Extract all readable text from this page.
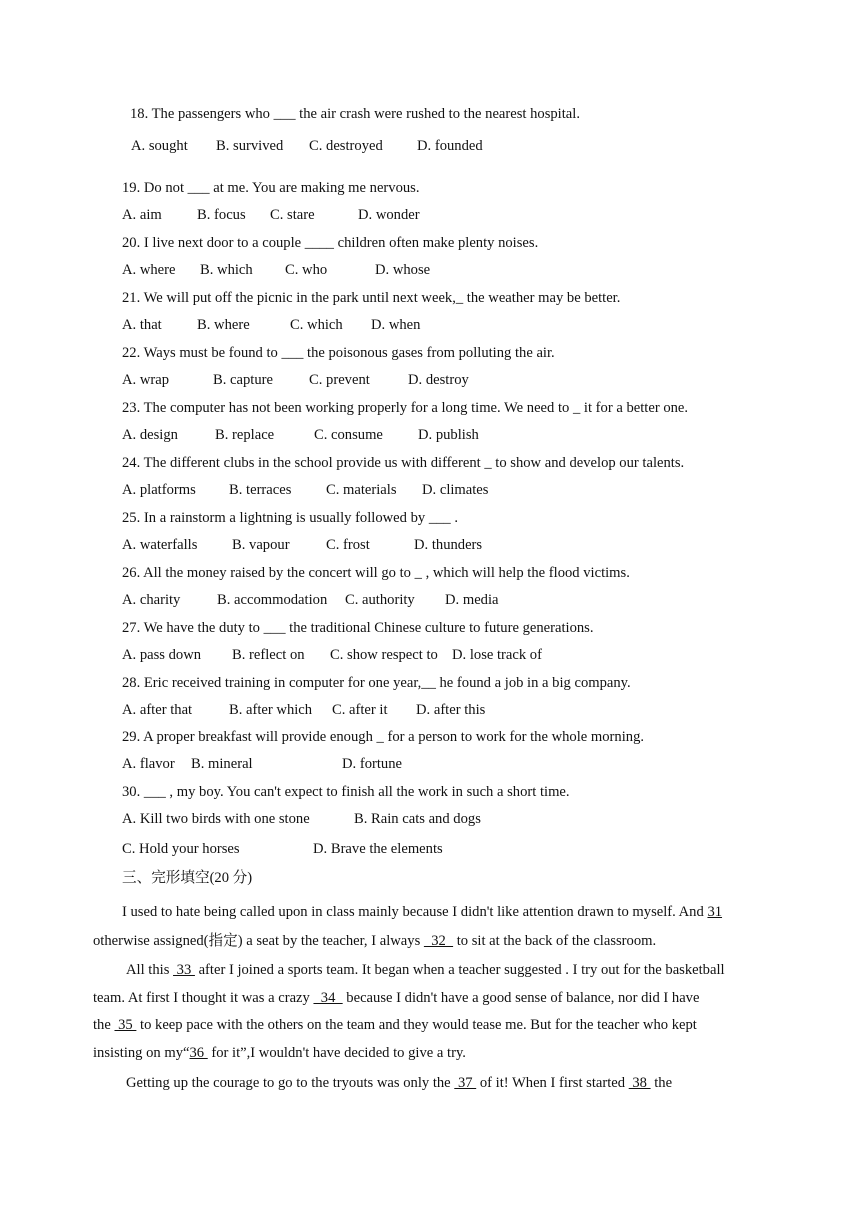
18. The passengers who ___ the air crash were rushed to the nearest hospital.
A. sought B. survived C. destroyed D. founded
19. Do not ___ at me. You are making me nervous.
A. aim B. focus C. stare	D. wonder
20. I live next door to a couple ____ children often make plenty noises.
A. where B. which C. who	D. whose
21. We will put off the picnic in the park until next week,_ the weather may be better.
A. that B. where	C. which D. when
22. Ways must be found to ___ the poisonous gases from polluting the air.
A. wrap	B. capture C. prevent	D. destroy
23. The computer has not been working properly for a long time. We need to _ it for a better one.
A. design	B. replace	C. consume D. publish
24. The different clubs in the school provide us with different _ to show and develop our talents.
A. platforms B. terraces C. materials D. climates
25. In a rainstorm a lightning is usually followed by ___ .
A. waterfalls B. vapour C. frost	D. thunders
26. All the money raised by the concert will go to _ , which will help the flood victims.
A. charity	B. accommodation C. authority D. media
27. We have the duty to ___ the traditional Chinese culture to future generations.
A. pass down B. reflect on C. show respect to D. lose track of
28. Eric received training in computer for one year,__ he found a job in a big company.
A. after that	B. after which C. after it D. after this
29. A proper breakfast will provide enough _ for a person to work for the whole morning.
A. flavor B. mineral	D. fortune
30. ___ , my boy. You can't expect to finish all the work in such a short time.
A. Kill two birds with one stone	B. Rain cats and dogs
C. Hold your horses	D. Brave the elements
三、完形填空(20 分)
I used to hate being called upon in class mainly because I didn't like attention drawn to myself. And 31
otherwise assigned(指定) a seat by the teacher, I always   32   to sit at the back of the classroom.
All this  33  after I joined a sports team. It began when a teacher suggested . I try out for the basketball
team. At first I thought it was a crazy   34   because I didn't have a good sense of balance, nor did I have
the  35  to keep pace with the others on the team and they would tease me. But for the teacher who kept
insisting on my“36  for it”,I wouldn't have decided to give a try.
Getting up the courage to go to the tryouts was only the  37  of it! When I first started  38  the
